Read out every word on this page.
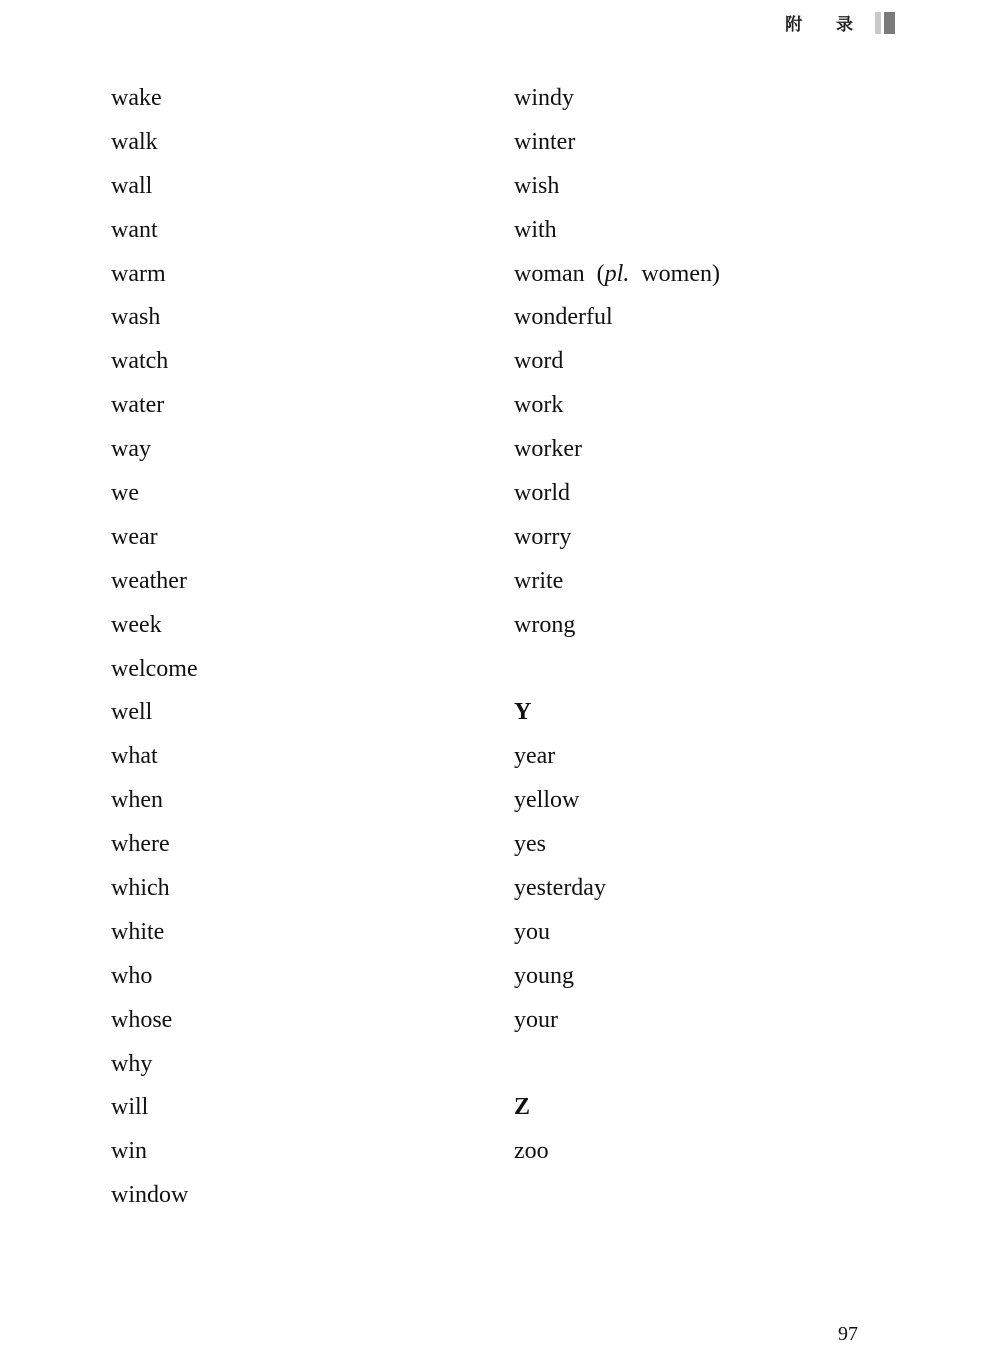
附 录
wake
walk
wall
want
warm
wash
watch
water
way
we
wear
weather
week
welcome
well
what
when
where
which
white
who
whose
why
will
win
window
windy
winter
wish
with
woman (pl. women)
wonderful
word
work
worker
world
worry
write
wrong
Y
year
yellow
yes
yesterday
you
young
your
Z
zoo
97
